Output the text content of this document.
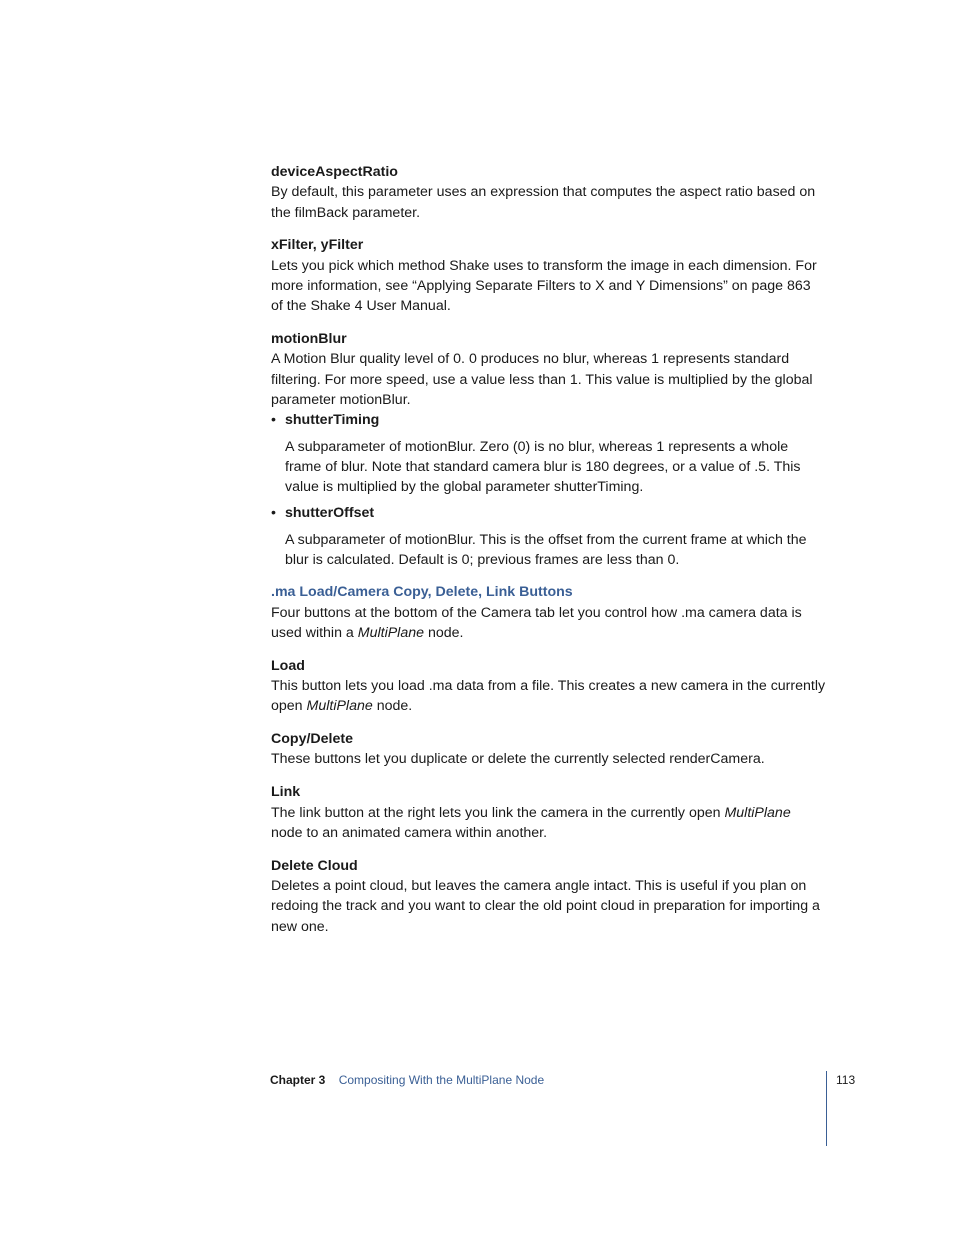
deviceAspectRatio

By default, this parameter uses an expression that computes the aspect ratio based on the filmBack parameter.

xFilter, yFilter

Lets you pick which method Shake uses to transform the image in each dimension. For more information, see “Applying Separate Filters to X and Y Dimensions” on page 863 of the Shake 4 User Manual.

motionBlur

A Motion Blur quality level of 0. 0 produces no blur, whereas 1 represents standard filtering. For more speed, use a value less than 1. This value is multiplied by the global parameter motionBlur.

• shutterTiming

A subparameter of motionBlur. Zero (0) is no blur, whereas 1 represents a whole frame of blur. Note that standard camera blur is 180 degrees, or a value of .5. This value is multiplied by the global parameter shutterTiming.

• shutterOffset

A subparameter of motionBlur. This is the offset from the current frame at which the blur is calculated. Default is 0; previous frames are less than 0.

.ma Load/Camera Copy, Delete, Link Buttons

Four buttons at the bottom of the Camera tab let you control how .ma camera data is used within a MultiPlane node.

Load

This button lets you load .ma data from a file. This creates a new camera in the currently open MultiPlane node.

Copy/Delete

These buttons let you duplicate or delete the currently selected renderCamera.

Link

The link button at the right lets you link the camera in the currently open MultiPlane node to an animated camera within another.

Delete Cloud

Deletes a point cloud, but leaves the camera angle intact. This is useful if you plan on redoing the track and you want to clear the old point cloud in preparation for importing a new one.

Chapter 3 Compositing With the MultiPlane Node	113
